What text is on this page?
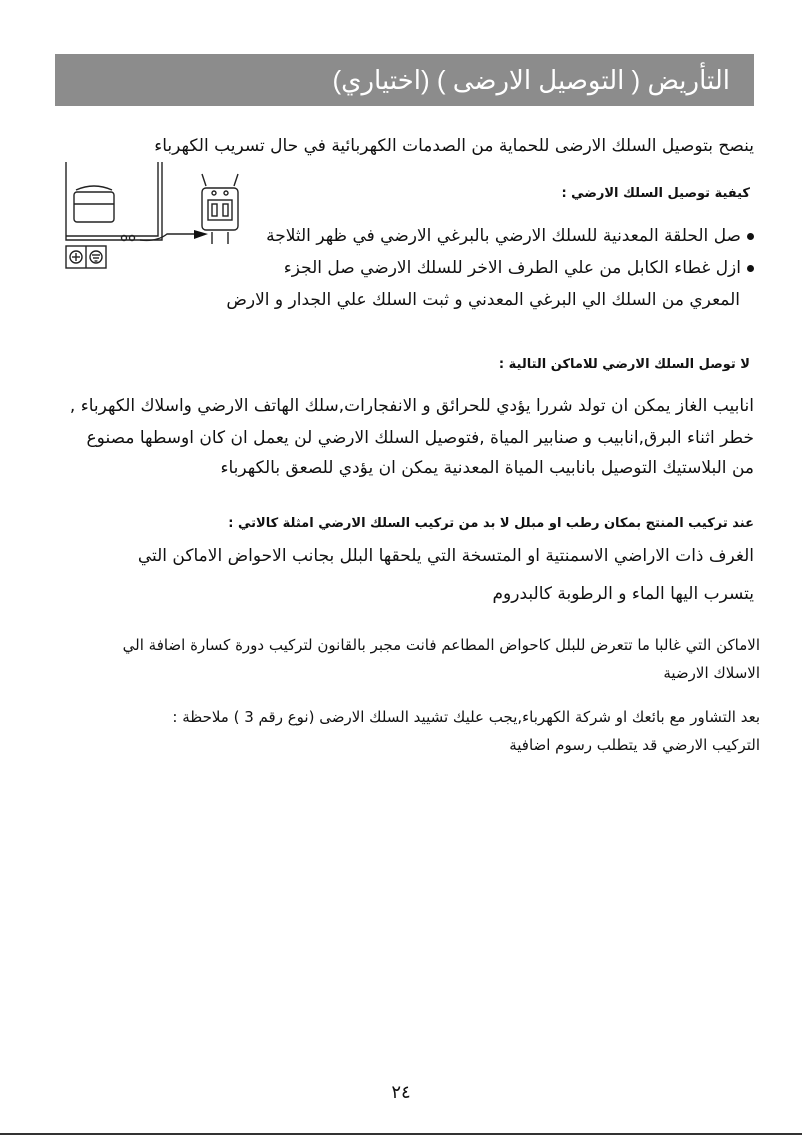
التأريض ( التوصيل الارضى ) (اختياري)
ينصح بتوصيل السلك الارضى للحماية من الصدمات الكهربائية في حال تسريب الكهرباء
كيفية توصيل السلك الارضي :
صل الحلقة المعدنية للسلك الارضي بالبرغي الارضي في ظهر الثلاجة
ازل غطاء الكابل من علي الطرف الاخر للسلك الارضي صل الجزء
المعري من السلك الي البرغي المعدني و ثبت السلك علي الجدار و الارض
لا توصل السلك الارضي للاماكن التالية :
انابيب الغاز يمكن ان تولد شررا يؤدي للحرائق و الانفجارات,سلك الهاتف الارضي واسلاك الكهرباء ,
خطر اثناء البرق,انابيب و صنابير المياة ,فتوصيل السلك الارضي لن يعمل ان كان اوسطها مصنوع
من البلاستيك التوصيل بانابيب المياة المعدنية يمكن ان يؤدي للصعق بالكهرباء
عند تركيب المنتج بمكان رطب او مبلل لا بد من تركيب السلك الارضي امثلة كالاتي :
الغرف ذات الاراضي الاسمنتية او المتسخة التي يلحقها البلل بجانب الاحواض الاماكن التي
يتسرب اليها الماء و الرطوبة كالبدروم
الاماكن التي غالبا ما تتعرض للبلل كاحواض المطاعم فانت مجبر بالقانون لتركيب دورة كسارة اضافة الي
الاسلاك الارضية
بعد التشاور مع بائعك او شركة الكهرباء,يجب عليك تشييد السلك الارضى (نوع رقم 3 ) ملاحظة :
التركيب الارضي قد يتطلب رسوم اضافية
٢٤
